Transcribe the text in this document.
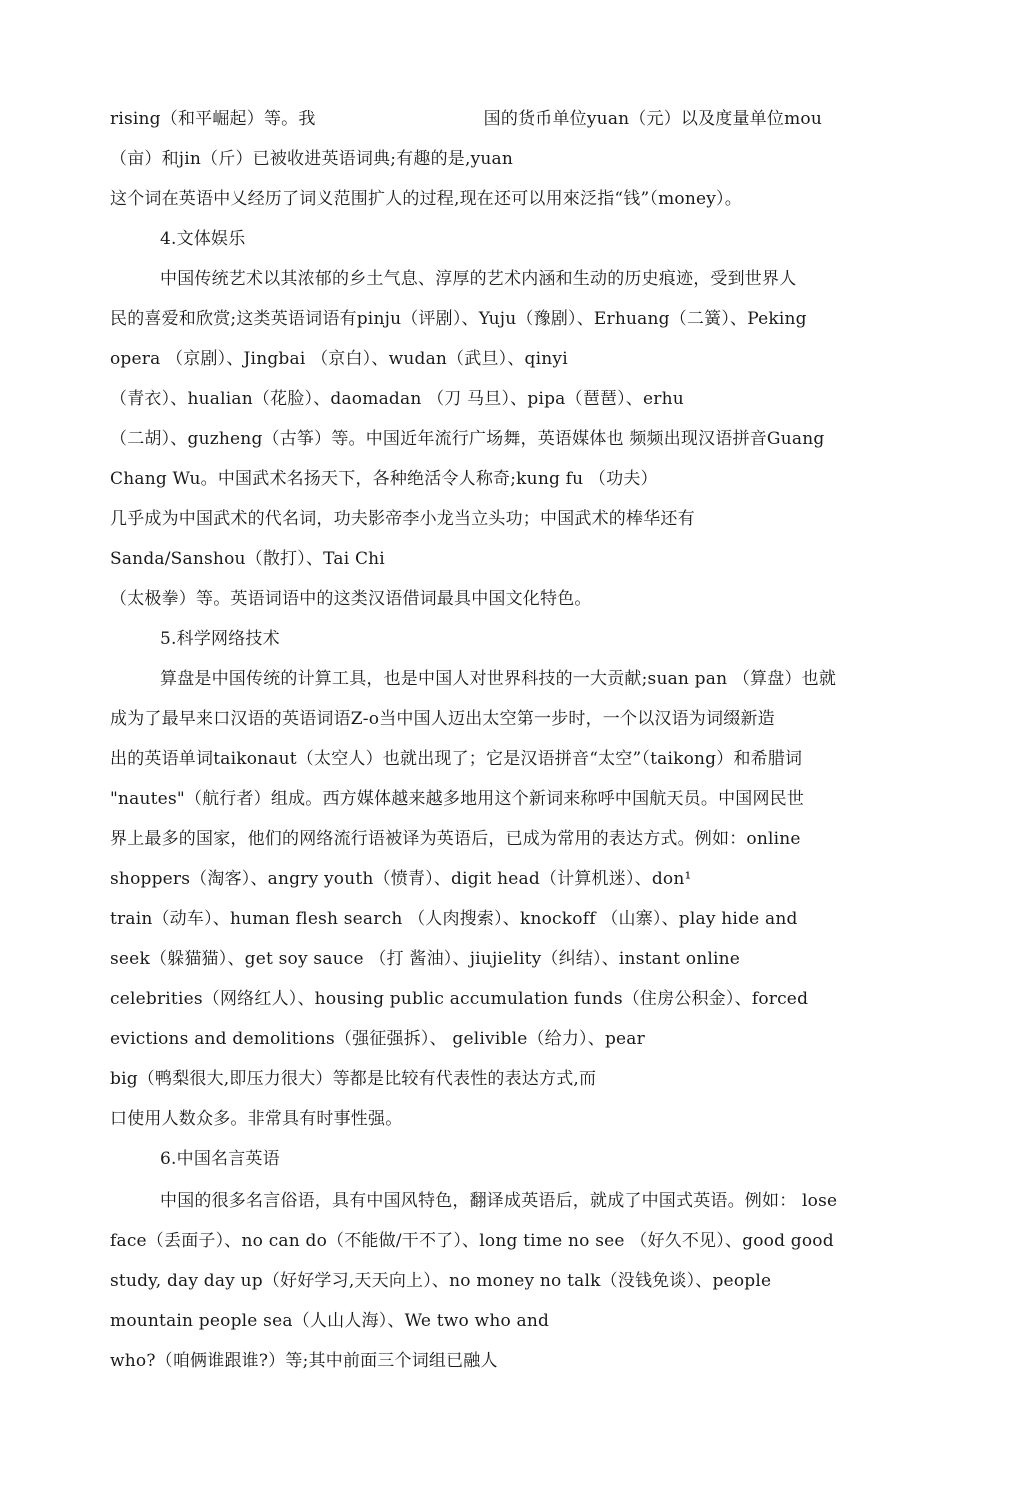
rising（和平崛起）等。我                              国的货币单位yuan（元）以及度量单位mou
（亩）和jin（斤）已被收进英语词典;有趣的是,yuan
这个词在英语中乂经历了词义范围扩人的过程,现在还可以用來泛指“钱”（money）。
4.文体娱乐
中国传统艺术以其浓郁的乡土气息、淳厚的艺术内涵和生动的历史痕迹，受到世界人
民的喜爱和欣赏;这类英语词语有pinju（评剧）、Yuju（豫剧）、Erhuang（二簧）、Peking
opera （京剧）、Jingbai （京白）、wudan（武旦）、qinyi
（青衣）、hualian（花脸）、daomadan （刀 马旦）、pipa（琶琶）、erhu
（二胡）、guzheng（古筝）等。中国近年流行广场舞，英语媒体也 频频出现汉语拼音Guang
Chang Wu。中国武术名扬天下，各种绝活令人称奇;kung fu （功夫）
几乎成为中国武术的代名词，功夫影帝李小龙当立头功；中国武术的棒华还有
Sanda/Sanshou（散打）、Tai Chi
（太极拳）等。英语词语中的这类汉语借词最具中国文化特色。
5.科学网络技术
算盘是中国传统的计算工具，也是中国人对世界科技的一大贡献;suan pan （算盘）也就
成为了最早来口汉语的英语词语Z-o当中国人迈出太空第一步时，一个以汉语为词缀新造
出的英语单词taikonaut（太空人）也就出现了；它是汉语拼音“太空”（taikong）和希腊词
"nautes"（航行者）组成。西方媒体越来越多地用这个新词来称呼中国航天员。中国网民世
界上最多的国家，他们的网络流行语被译为英语后，已成为常用的表达方式。例如：online
shoppers（淘客）、angry youth（愤青）、digit head（计算机迷）、don¹
train（动车）、human flesh search （人肉搜索）、knockoff （山寨）、play hide and
seek（躲猫猫）、get soy sauce （打 酱油）、jiujielity（纠结）、instant online
celebrities（网络红人）、housing public accumulation funds（住房公积金）、forced
evictions and demolitions（强征强拆）、 gelivible（给力）、pear
big（鸭梨很大,即压力很大）等都是比较有代表性的表达方式,而
口使用人数众多。非常具有时事性强。
6.中国名言英语
中国的很多名言俗语，具有中国风特色，翻译成英语后，就成了中国式英语。例如： lose
face（丢面子）、no can do（不能做/干不了）、long time no see （好久不见）、good good
study, day day up（好好学习,天天向上）、no money no talk（没钱免谈）、people
mountain people sea（人山人海）、We two who and
who?（咱俩谁跟谁?）等;其中前面三个词组已融人
